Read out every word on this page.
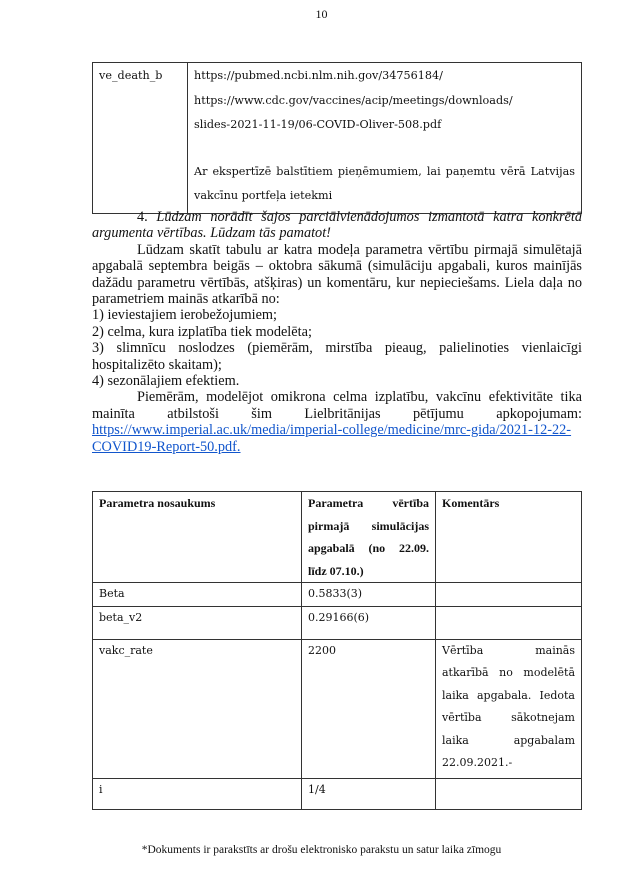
10
ve_death_b	https://pubmed.ncbi.nlm.nih.gov/34756184/
https://www.cdc.gov/vaccines/acip/meetings/downloads/
slides-2021-11-19/06-COVID-Oliver-508.pdf
Ar ekspertīzē balstītiem pieņēmumiem, lai paņemtu vērā Latvijas vakcīnu portfeļa ietekmi

4. Lūdzam norādīt šajos parciālvienādojumos izmantotā katra konkrētā argumenta vērtības. Lūdzam tās pamatot!

Lūdzam skatīt tabulu ar katra modeļa parametra vērtību pirmajā simulētajā apgabalā septembra beigās – oktobra sākumā (simulāciju apgabali, kuros mainījās dažādu parametru vērtībās, atšķiras) un komentāru, kur nepieciešams. Liela daļa no parametriem mainās atkarībā no:

1) ieviestajiem ierobežojumiem;

2) celma, kura izplatība tiek modelēta;

3) slimnīcu noslodzes (piemērām, mirstība pieaug, palielinoties vienlaicīgi hospitalizēto skaitam);

4) sezonālajiem efektiem.

Piemērām, modelējot omikrona celma izplatību, vakcīnu efektivitāte tika mainīta atbilstoši šim Lielbritānijas pētījumu apkopojumam: https://www.imperial.ac.uk/media/imperial-college/medicine/mrc-gida/2021-12-22-COVID19-Report-50.pdf.

Parametra nosaukums	Parametra vērtība pirmajā simulācijas apgabalā (no 22.09. līdz 07.10.)	Komentārs
Beta	0.5833(3)	
beta_v2	0.29166(6)	
vakc_rate	2200	Vērtība mainās atkarībā no modelētā laika apgabala. Iedota vērtība sākotnejam laika apgabalam 22.09.2021.-
i	1/4	
*Dokuments ir parakstīts ar drošu elektronisko parakstu un satur laika zīmogu
